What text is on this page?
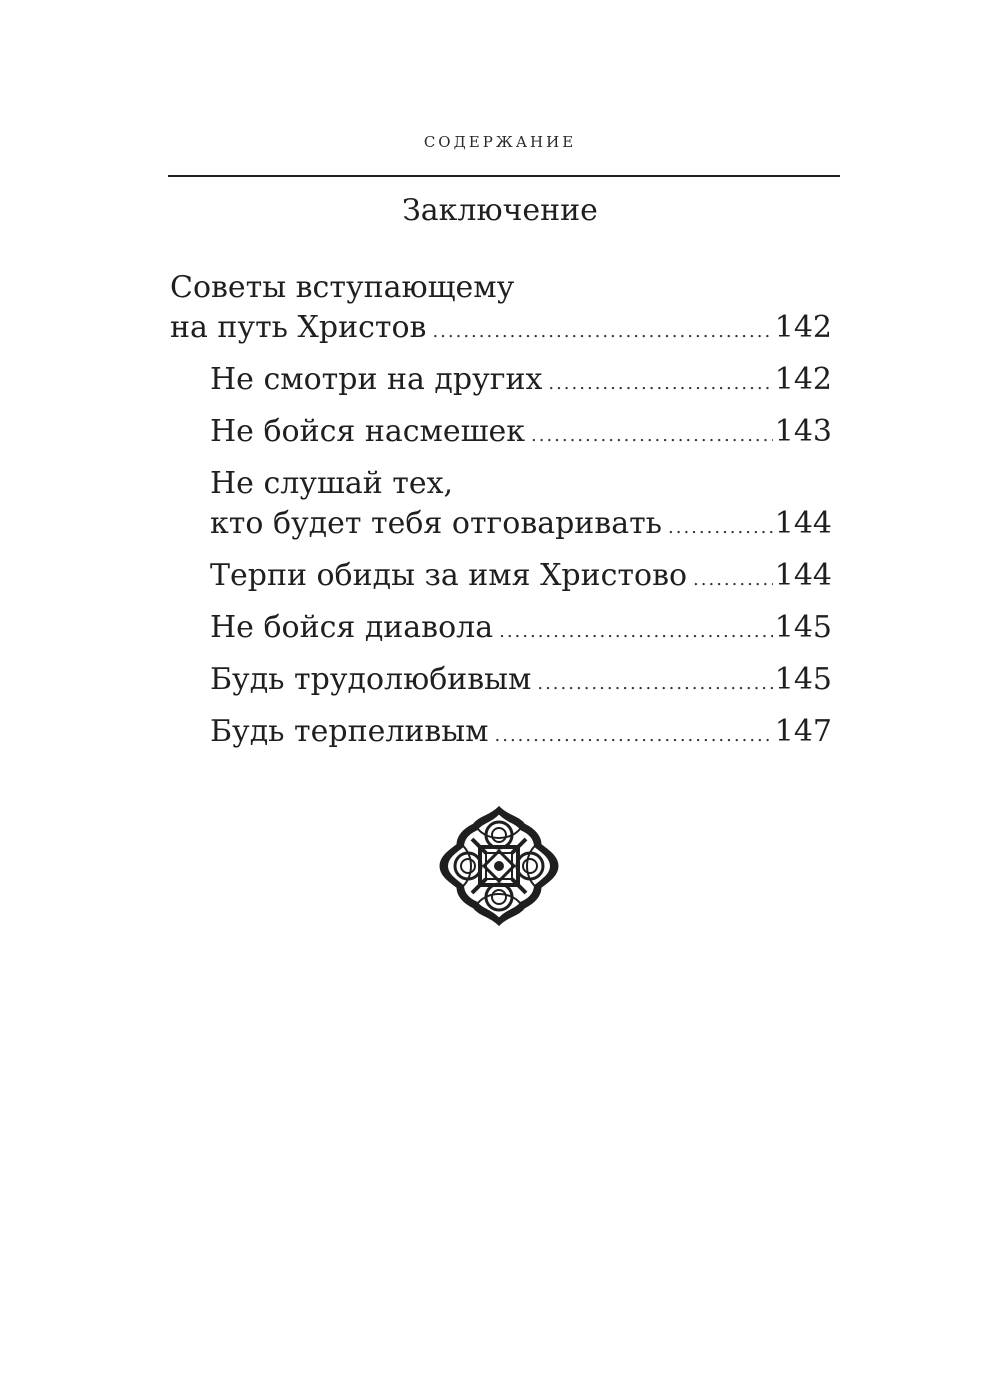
СОДЕРЖАНИЕ
Заключение
Советы вступающему
на путь Христов .....	142
Не смотри на других .....	142
Не бойся насмешек .....	143
Не слушай тех,
кто будет тебя отговаривать .....	144
Терпи обиды за имя Христово .....	144
Не бойся диавола .....	145
Будь трудолюбивым .....	145
Будь терпеливым .....	147
